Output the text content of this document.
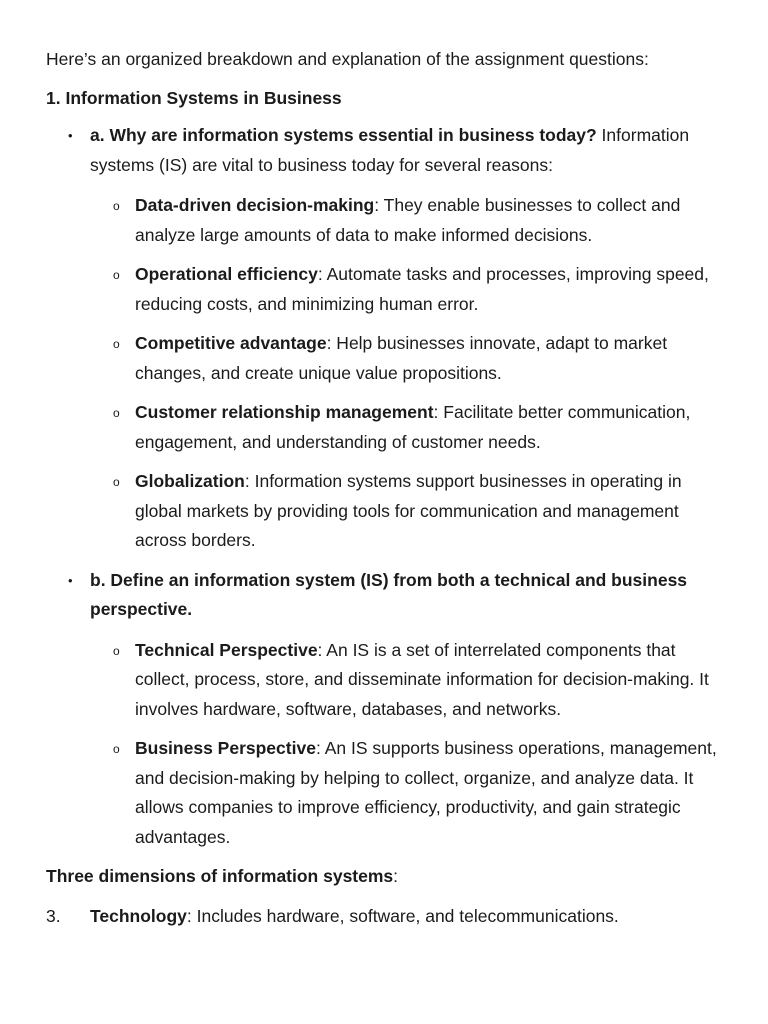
Here’s an organized breakdown and explanation of the assignment questions:

1. Information Systems in Business

• a. Why are information systems essential in business today? Information systems (IS) are vital to business today for several reasons:
o Data-driven decision-making: They enable businesses to collect and analyze large amounts of data to make informed decisions.
o Operational efficiency: Automate tasks and processes, improving speed, reducing costs, and minimizing human error.
o Competitive advantage: Help businesses innovate, adapt to market changes, and create unique value propositions.
o Customer relationship management: Facilitate better communication, engagement, and understanding of customer needs.
o Globalization: Information systems support businesses in operating in global markets by providing tools for communication and management across borders.
• b. Define an information system (IS) from both a technical and business perspective.
o Technical Perspective: An IS is a set of interrelated components that collect, process, store, and disseminate information for decision-making. It involves hardware, software, databases, and networks.
o Business Perspective: An IS supports business operations, management, and decision-making by helping to collect, organize, and analyze data. It allows companies to improve efficiency, productivity, and gain strategic advantages.

Three dimensions of information systems:

3. Technology: Includes hardware, software, and telecommunications.
